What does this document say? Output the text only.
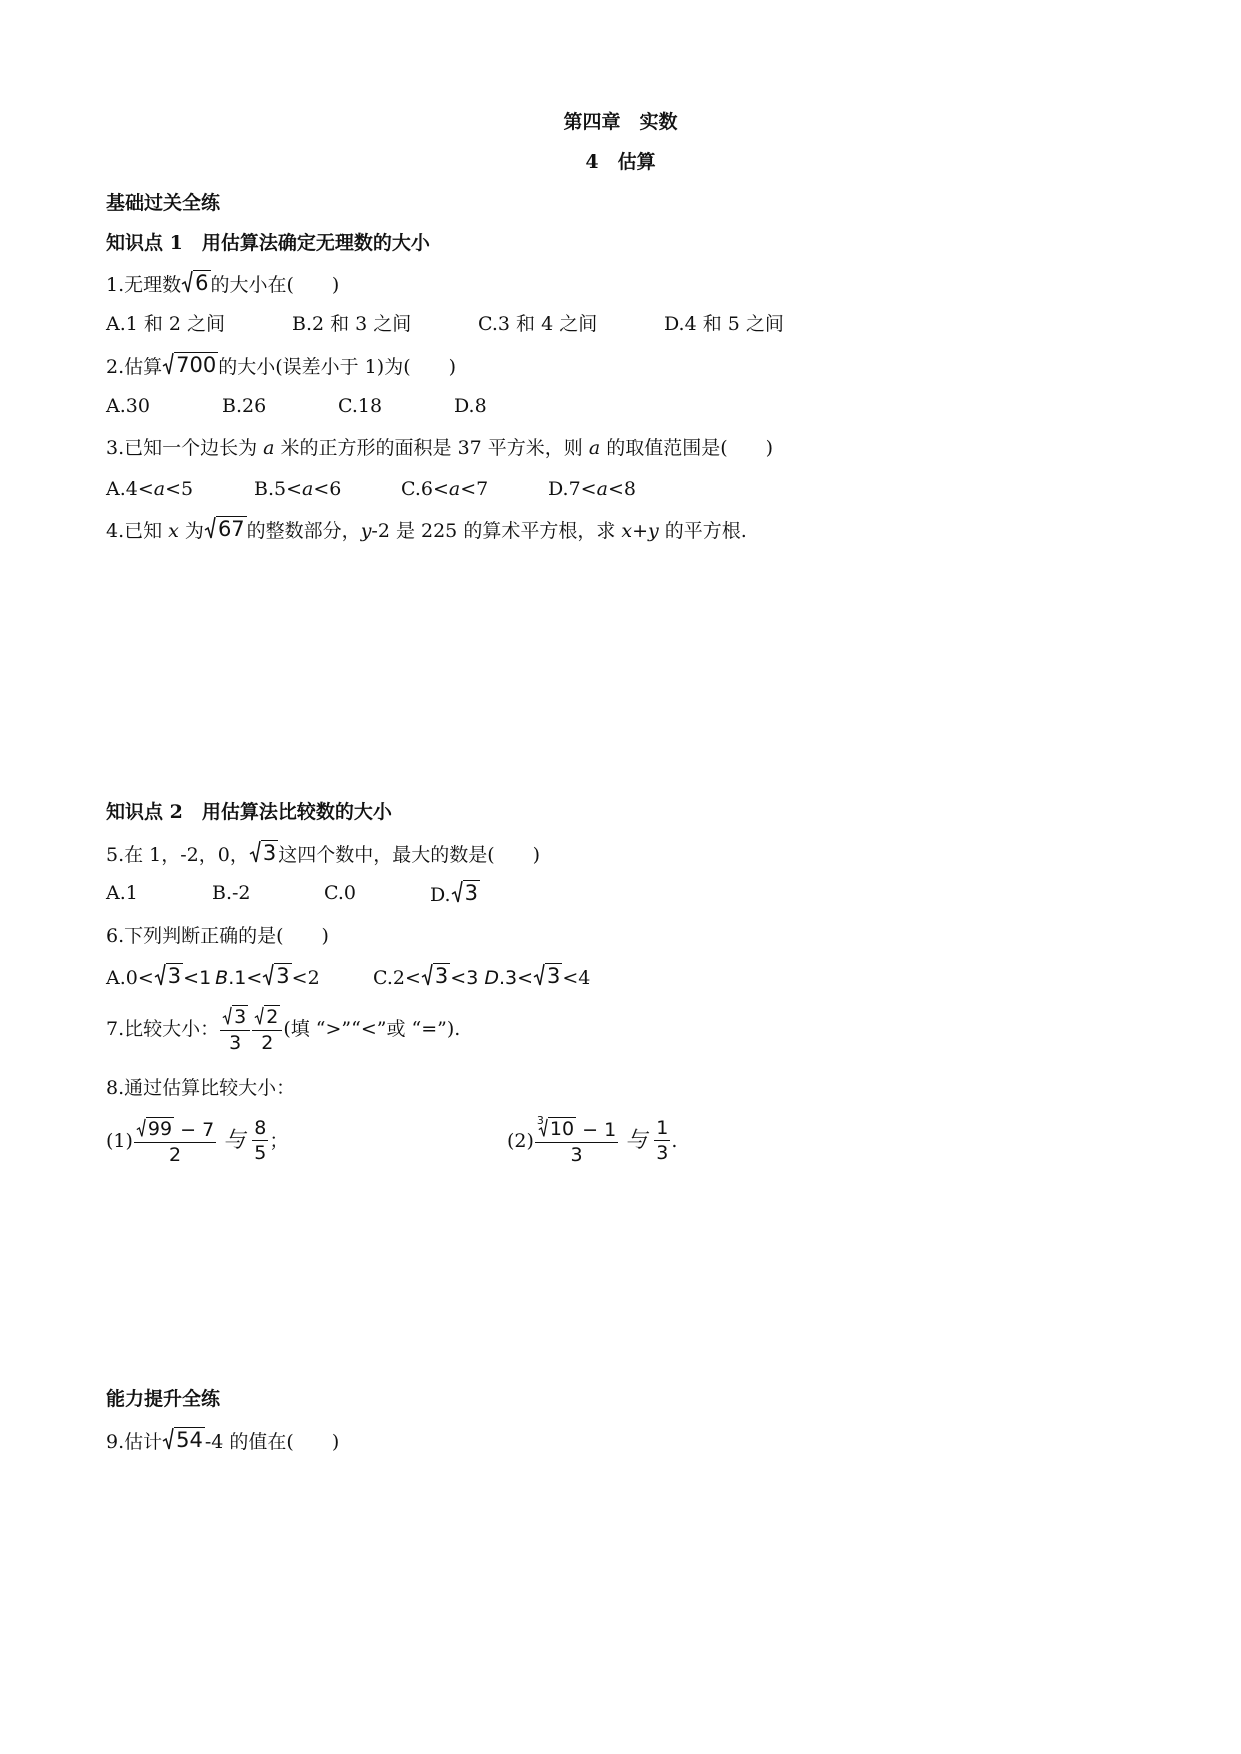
第四章　实数
4　估算
基础过关全练
知识点 1　用估算法确定无理数的大小
1.无理数 6 的大小在(　　)
A.1 和 2 之间	B.2 和 3 之间	C.3 和 4 之间	D.4 和 5 之间
2.估算 700 的大小(误差小于 1)为(　　)
A.30	B.26	C.18	D.8
3.已知一个边长为 a 米的正方形的面积是 37 平方米，则 a 的取值范围是(　　)
A.4<a<5	B.5<a<6	C.6<a<7	D.7<a<8
4.已知 x 为 67 的整数部分，y-2 是 225 的算术平方根，求 x+y 的平方根.
知识点 2　用估算法比较数的大小
5.在 1，-2，0， 3 这四个数中，最大的数是(　　)
A.1	B.-2	C.0	D. 3
6.下列判断正确的是(　　)
A.0< 3 <1 B.1< 3 <2	C.2< 3 <3 D.3< 3 <4
7.比较大小： $\frac{3}{3} \frac{2}{2}$ (填 “>”“<”或 “=”).
8.通过估算比较大小：
$(1) \frac{99 - 7}{2}$ 与 $\frac{8}{5}$ ；	$(2) \frac{^3 10 - 1}{3}$ 与 $\frac{1}{3}$ .
能力提升全练
9.估计 54 -4 的值在(　　)
